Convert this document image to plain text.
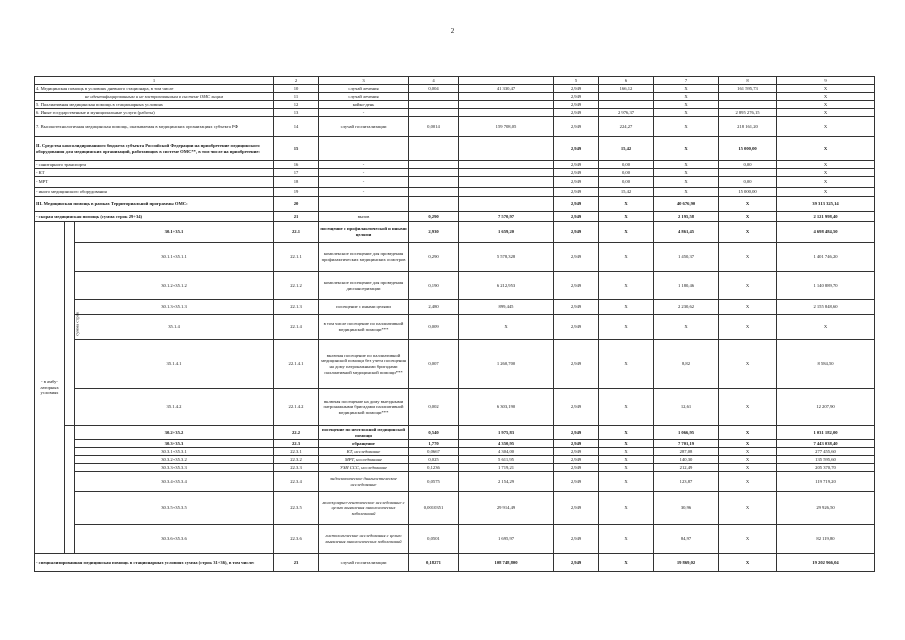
2
1			2	3	4		5	6	7	8	9	
4. Медицинская помощь в условиях дневного стационара, в том числе			10	случай лечения	0,004	41 330,47	2,949	166,12	X	161 595,73	X	
не идентифицированным и не застрахованным в системе ОМС лицам			11	случай лечения			2,949		X		X	
5. Паллиативная медицинская помощь в стационарных условиях			12	койко-день			2,949		X		X	
6. Иные государственные и муниципальные услуги (работы)			13	-			2,949	2 976,37	X	2 895 276,15	X	
7. Высокотехнологичная медицинская помощь, оказываемая в медицинских организациях субъекта РФ			14	случай госпитализации	0,0014	159 708,05	2,949	224,27	X	218 161,20	X	
II. Средства консолидированного бюджета субъекта Российской Федерации на приобретение медицинского оборудования для медицинских организаций, работающих в системе ОМС**, в том числе на приобретение:			15				2,949	15,42	X	15 000,00	X	
- санитарного транспорта			16	-			2,949	0,00	X	0,00	X	
- КТ			17	-			2,949	0,00	X		X	
- МРТ			18	-			2,949	0,00	X	0,00	X	
- иного медицинского оборудования			19	-			2,949	15,42	X	15 000,00	X	
III. Медицинская помощь в рамках Территориальной программы ОМС:			20				2,949	X	40 676,90	X	39 313 325,14	
- скорая медицинская помощь (сумма строк 29+34)			21	вызов	0,290	7 570,97	2,949	X	2 195,58	X	2 121 998,40	
- в амбу-латорных условиях	сумма строк	30.1+35.1	22.1	посещение с профилактической и иными целями	2,930	1 659,20	2,949	X	4 861,45	X	4 698 484,50	
		30.1.1+35.1.1	22.1.1	комплексное посещение для проведения профилактических медицинских осмотров	0,290	5 578,328	2,949	X	1 450,37	X	1 401 746,20	
		30.1.2+35.1.2	22.1.2	комплексное посещение для проведения диспансеризации	0,190	6 212,953	2,949	X	1 180,46	X	1 140 889,70	
		30.1.3+35.1.3	22.1.3	посещение с иными целями	2,480	899,445	2,949	X	2 230,62	X	2 155 848,60	
		35.1.4	22.1.4	в том числе посещение по паллиативной медицинской помощи***	0,009	X	2,949	X	X	X	X	
		35.1.4.1	22.1.4.1	включая посещение по паллиативной медицинской помощи без учета посещения на дому патронажными бригадами паллиативной медицинской помощи***	0,007	1 260,700	2,949	X	8,82	X	8 584,50	
		35.1.4.2	22.1.4.2	включая посещение на дому выездными патронажными бригадами паллиативной медицинской помощи***	0,002	6 303,190	2,949	X	12,61	X	12 207,90	
		30.2+35.2	22.2	посещение по неотложной медицинской помощи	0,540	1 975,83	2,949	X	1 066,95	X	1 031 182,00	
		30.3+35.3	22.3	обращение	1,770	4 350,95	2,949	X	7 701,19	X	7 443 038,40	
		30.3.1+35.3.1	22.3.1	КТ, исследование	0,0667	4 304,00	2,949	X	287,08	X	277 455,60	
		30.3.2+35.3.2	22.3.2	МРТ, исследование	0,025	5 611,95	2,949	X	140,30	X	135 595,60	
		30.3.3+35.3.3	22.3.3	УЗИ ССС, исследование	0,1236	1 719,21	2,949	X	212,49	X	205 370,70	
		30.3.4+35.3.4	22.3.4	эндоскопическое диагностическое исследование	0,0575	2 154,29	2,949	X	123,87	X	119 719,20	
		30.3.5+35.3.5	22.3.5	молекулярно-генетическое исследование с целью выявления онкологических заболеваний	0,0010351	29 914,49	2,949	X	30,96	X	29 926,50	
		30.3.6+35.3.6	22.3.6	гистологические исследования с целью выявления онкологических заболеваний	0,0501	1 695,97	2,949	X	84,97	X	82 119,80	
- специализированная медицинская помощь в стационарных условиях сумма (строк 31+36), в том числе:			23	случай госпитализации	0,18271	108 748,800	2,949	X	19 869,02	X	19 202 966,04	
